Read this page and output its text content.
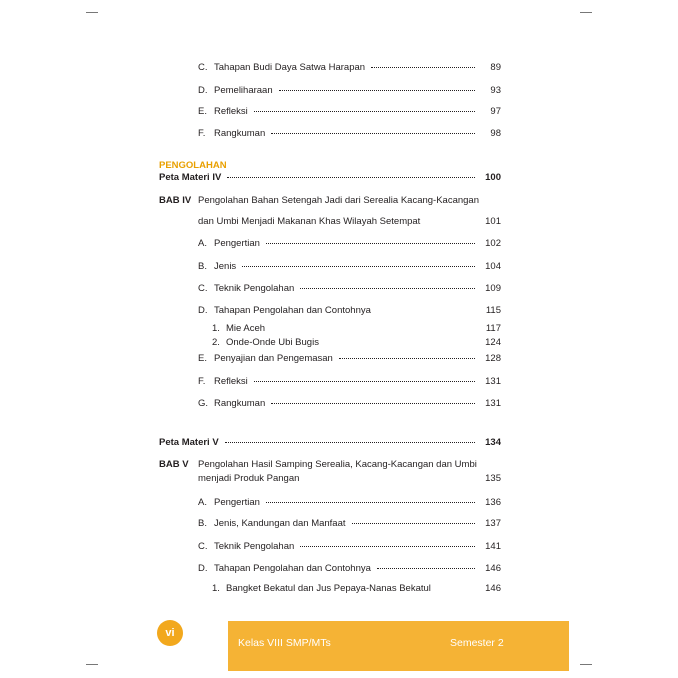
C. Tahapan Budi Daya Satwa Harapan	89
D. Pemeliharaan	93
E. Refleksi	97
F. Rangkuman	98
PENGOLAHAN
Peta Materi IV	100
BAB IV Pengolahan Bahan Setengah Jadi dari Serealia Kacang-Kacangan
dan Umbi Menjadi Makanan Khas Wilayah Setempat	101
A. Pengertian	102
B. Jenis	104
C. Teknik Pengolahan	109
D. Tahapan Pengolahan dan Contohnya	115
1. Mie Aceh	117
2. Onde-Onde Ubi Bugis	124
E. Penyajian dan Pengemasan	128
F. Refleksi	131
G. Rangkuman	131
Peta Materi V	134
BAB V Pengolahan Hasil Samping Serealia, Kacang-Kacangan dan Umbi
menjadi Produk Pangan	135
A. Pengertian	136
B. Jenis, Kandungan dan Manfaat	137
C. Teknik Pengolahan	141
D. Tahapan Pengolahan dan Contohnya	146
1. Bangket Bekatul dan Jus Pepaya-Nanas Bekatul	146
vi
Kelas VIII SMP/MTs	Semester 2
